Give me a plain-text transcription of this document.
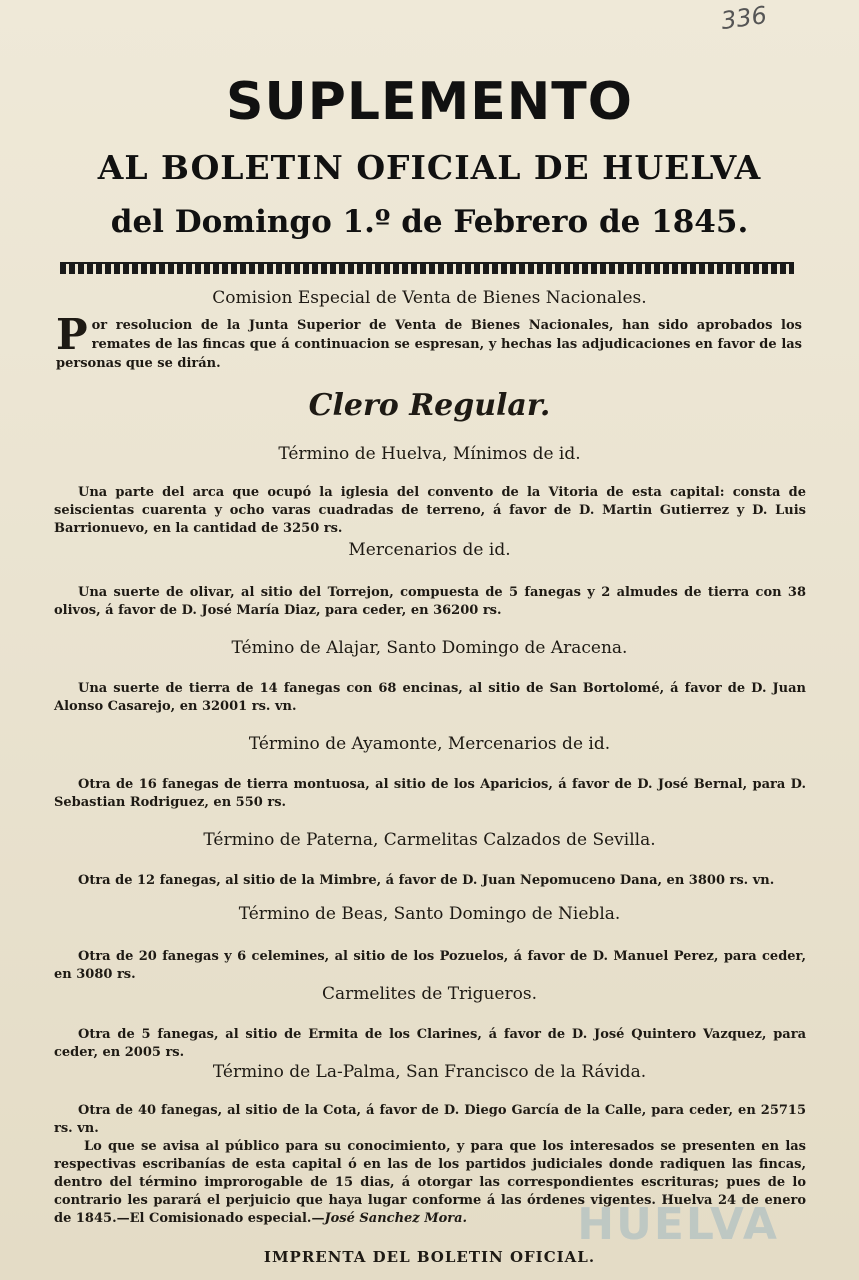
336
SUPLEMENTO
AL BOLETIN OFICIAL DE HUELVA
del Domingo 1.º de Febrero de 1845.
Comision Especial de Venta de Bienes Nacionales.
P or resolucion de la Junta Superior de Venta de Bienes Nacionales, han sido aprobados los remates de las fincas que á continuacion se espresan, y hechas las adjudicaciones en favor de las personas que se dirán.
Clero Regular.
Término de Huelva, Mínimos de id.
Una parte del arca que ocupó la iglesia del convento de la Vitoria de esta capital: consta de seiscientas cuarenta y ocho varas cuadradas de terreno, á favor de D. Martin Gutierrez y D. Luis Barrionuevo, en la cantidad de 3250 rs.
Mercenarios de id.
Una suerte de olivar, al sitio del Torrejon, compuesta de 5 fanegas y 2 almudes de tierra con 38 olivos, á favor de D. José María Diaz, para ceder, en 36200 rs.
Témino de Alajar, Santo Domingo de Aracena.
Una suerte de tierra de 14 fanegas con 68 encinas, al sitio de San Bortolomé, á favor de D. Juan Alonso Casarejo, en 32001 rs. vn.
Término de Ayamonte, Mercenarios de id.
Otra de 16 fanegas de tierra montuosa, al sitio de los Aparicios, á favor de D. José Bernal, para D. Sebastian Rodriguez, en 550 rs.
Término de Paterna, Carmelitas Calzados de Sevilla.
Otra de 12 fanegas, al sitio de la Mimbre, á favor de D. Juan Nepomuceno Dana, en 3800 rs. vn.
Término de Beas, Santo Domingo de Niebla.
Otra de 20 fanegas y 6 celemines, al sitio de los Pozuelos, á favor de D. Manuel Perez, para ceder, en 3080 rs.
Carmelites de Trigueros.
Otra de 5 fanegas, al sitio de Ermita de los Clarines, á favor de D. José Quintero Vazquez, para ceder, en 2005 rs.
Término de La-Palma, San Francisco de la Rávida.
Otra de 40 fanegas, al sitio de la Cota, á favor de D. Diego García de la Calle, para ceder, en 25715 rs. vn.
Lo que se avisa al público para su conocimiento, y para que los interesados se presenten en las respectivas escribanías de esta capital ó en las de los partidos judiciales donde radiquen las fincas, dentro del término improrogable de 15 dias, á otorgar las correspondientes escrituras; pues de lo contrario les parará el perjuicio que haya lugar conforme á las órdenes vigentes. Huelva 24 de enero de 1845.—El Comisionado especial.—José Sanchez Mora.
IMPRENTA DEL BOLETIN OFICIAL.
HUELVA
